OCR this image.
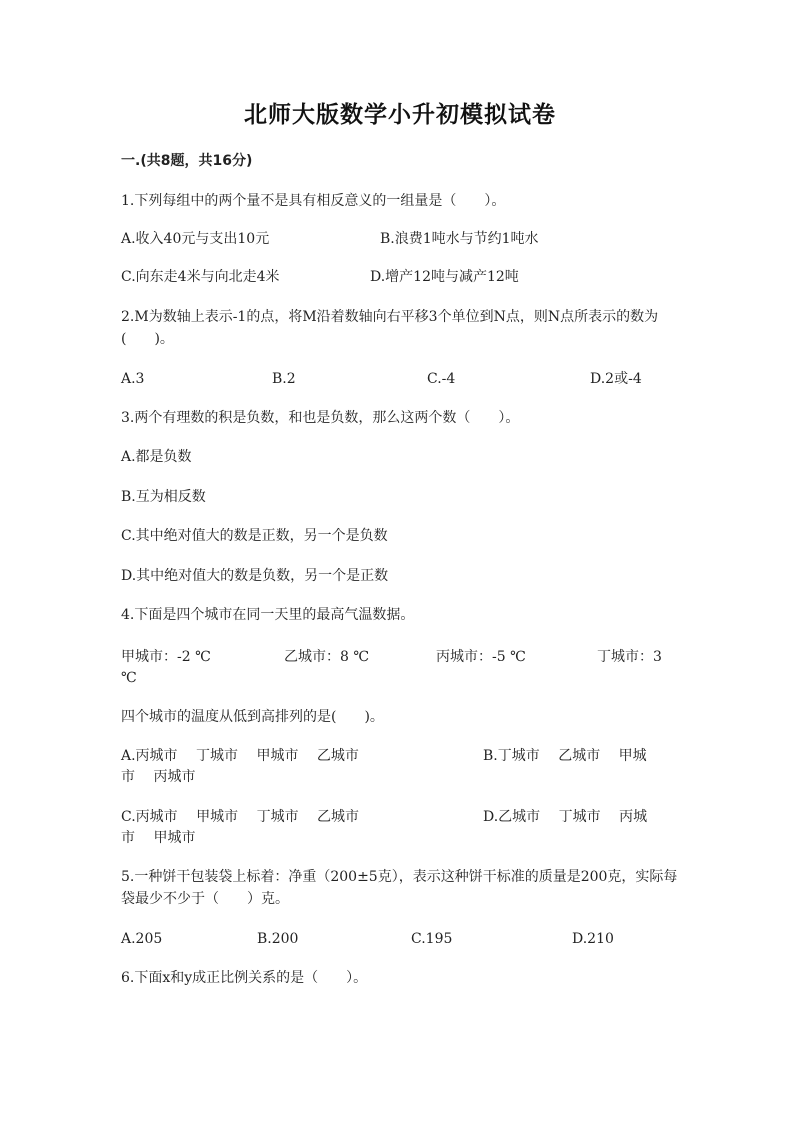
北师大版数学小升初模拟试卷
一.(共8题，共16分)
1.下列每组中的两个量不是具有相反意义的一组量是（　　）。
A.收入40元与支出10元	B.浪费1吨水与节约1吨水
C.向东走4米与向北走4米	D.增产12吨与减产12吨
2.M为数轴上表示-1的点，将M沿着数轴向右平移3个单位到N点，则N点所表示的数为(　　)。
A.3	B.2	C.-4	D.2或-4
3.两个有理数的积是负数，和也是负数，那么这两个数（　　）。
A.都是负数
B.互为相反数
C.其中绝对值大的数是正数，另一个是负数
D.其中绝对值大的数是负数，另一个是正数
4.下面是四个城市在同一天里的最高气温数据。
甲城市：-2 ℃	乙城市：8 ℃	丙城市：-5 ℃	丁城市：3
℃
四个城市的温度从低到高排列的是(　　)。
A.丙城市　 丁城市　 甲城市　 乙城市	B.丁城市　 乙城市　 甲城
市　 丙城市
C.丙城市　 甲城市　 丁城市　 乙城市	D.乙城市　 丁城市　 丙城
市　 甲城市
5.一种饼干包装袋上标着：净重（200±5克），表示这种饼干标准的质量是200克，实际每袋最少不少于（　　）克。
A.205	B.200	C.195	D.210
6.下面x和y成正比例关系的是（　　）。
